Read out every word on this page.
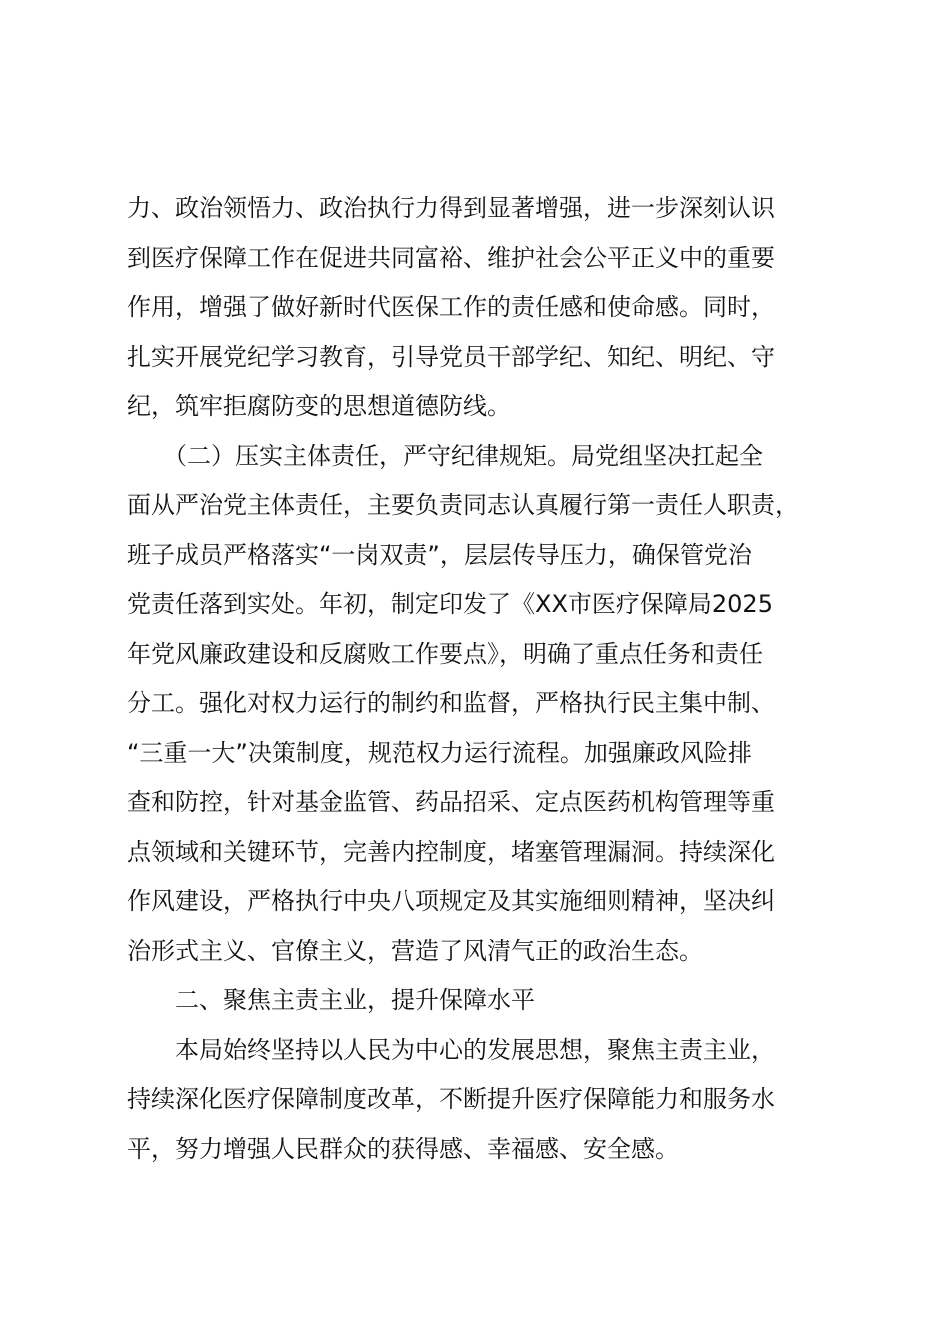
力、政治领悟力、政治执行力得到显著增强，进一步深刻认识
到医疗保障工作在促进共同富裕、维护社会公平正义中的重要
作用，增强了做好新时代医保工作的责任感和使命感。同时，
扎实开展党纪学习教育，引导党员干部学纪、知纪、明纪、守
纪，筑牢拒腐防变的思想道德防线。
　　（二）压实主体责任，严守纪律规矩。局党组坚决扛起全
面从严治党主体责任，主要负责同志认真履行第一责任人职责，
班子成员严格落实“一岗双责”，层层传导压力，确保管党治
党责任落到实处。年初，制定印发了《XX市医疗保障局2025
年党风廉政建设和反腐败工作要点》，明确了重点任务和责任
分工。强化对权力运行的制约和监督，严格执行民主集中制、
“三重一大”决策制度，规范权力运行流程。加强廉政风险排
查和防控，针对基金监管、药品招采、定点医药机构管理等重
点领域和关键环节，完善内控制度，堵塞管理漏洞。持续深化
作风建设，严格执行中央八项规定及其实施细则精神，坚决纠
治形式主义、官僚主义，营造了风清气正的政治生态。
　　二、聚焦主责主业，提升保障水平
　　本局始终坚持以人民为中心的发展思想，聚焦主责主业，
持续深化医疗保障制度改革，不断提升医疗保障能力和服务水
平，努力增强人民群众的获得感、幸福感、安全感。
